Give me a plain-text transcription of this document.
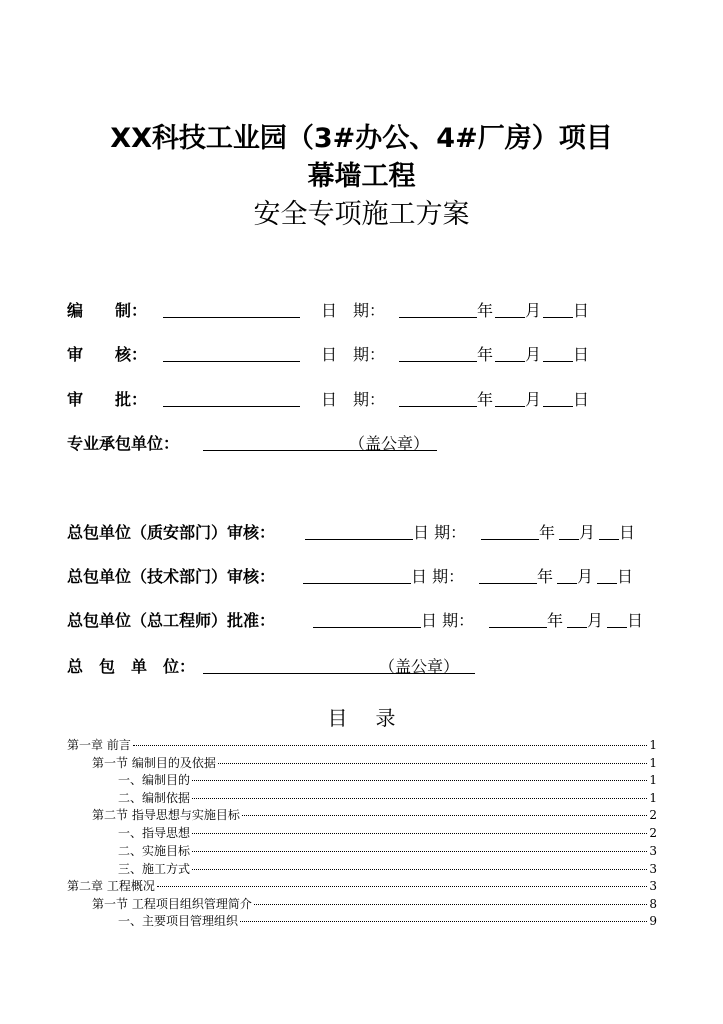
XX科技工业园（3#办公、4#厂房）项目
幕墙工程
安全专项施工方案
编　　制：	日　期：	年 月 日
审　　核：	日　期：	年 月 日
审　　批：	日　期：	年 月 日
专业承包单位：	（盖公章）
总包单位（质安部门）审核：	日 期：	年 月 日
总包单位（技术部门）审核：	日 期：	年 月 日
总包单位（总工程师）批准：	日 期：	年 月 日
总　包　单　位：	（盖公章）
目录
第一章 前言	1
第一节 编制目的及依据	1
一、编制目的	1
二、编制依据	1
第二节 指导思想与实施目标	2
一、指导思想	2
二、实施目标	3
三、施工方式	3
第二章 工程概况	3
第一节 工程项目组织管理简介	8
一、主要项目管理组织	9
